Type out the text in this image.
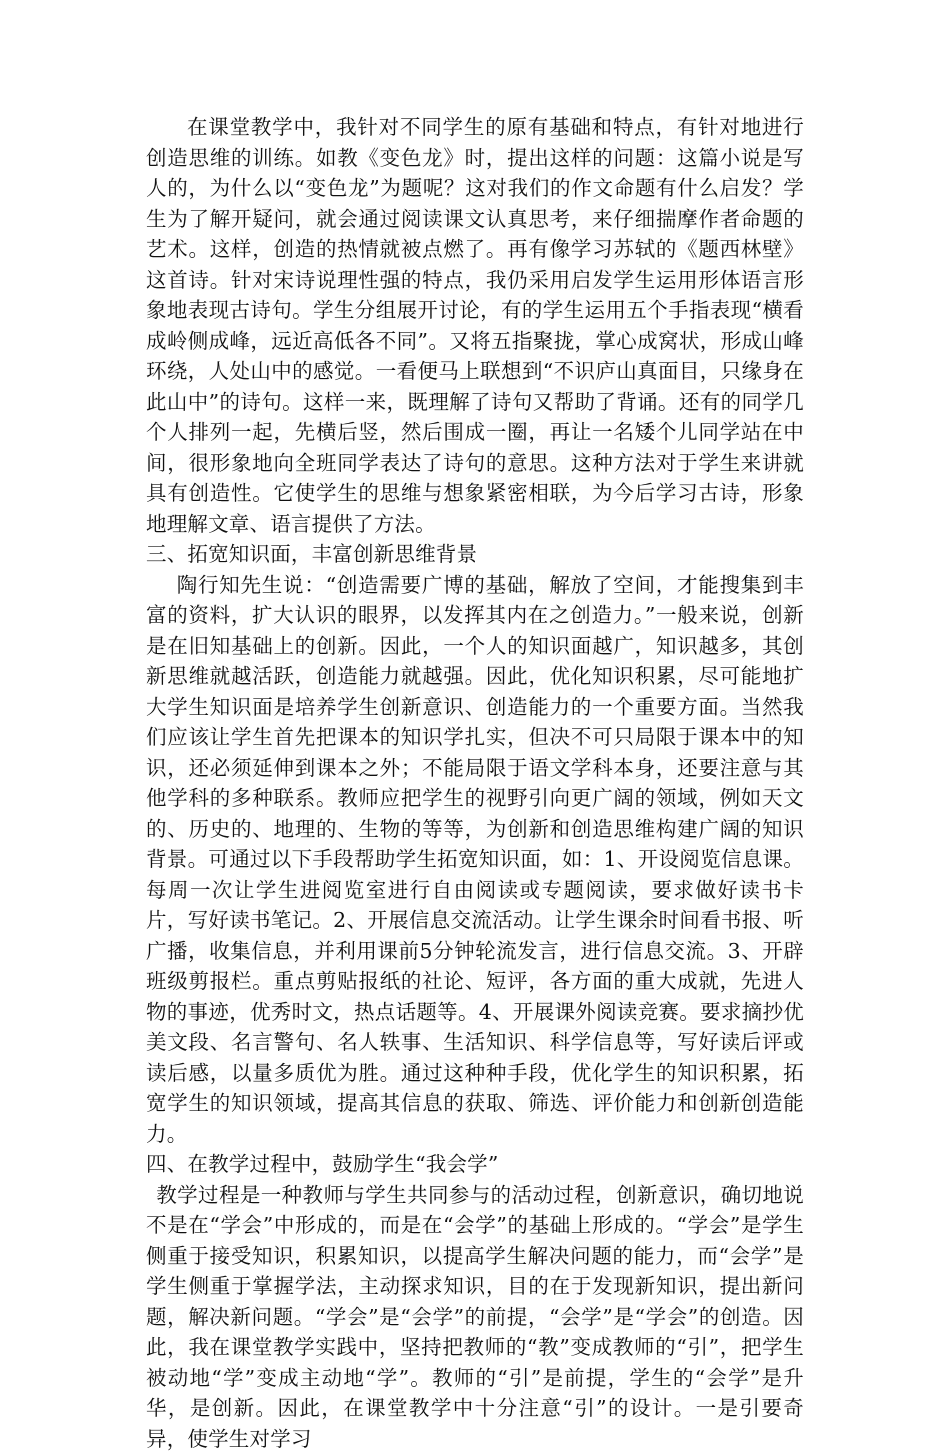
在课堂教学中，我针对不同学生的原有基础和特点，有针对地进行创造思维的训练。如教《变色龙》时，提出这样的问题：这篇小说是写人的，为什么以“变色龙”为题呢？这对我们的作文命题有什么启发？学生为了解开疑问，就会通过阅读课文认真思考，来仔细揣摩作者命题的艺术。这样，创造的热情就被点燃了。再有像学习苏轼的《题西林壁》这首诗。针对宋诗说理性强的特点，我仍采用启发学生运用形体语言形象地表现古诗句。学生分组展开讨论，有的学生运用五个手指表现“横看成岭侧成峰，远近高低各不同”。又将五指聚拢，掌心成窝状，形成山峰环绕，人处山中的感觉。一看便马上联想到“不识庐山真面目，只缘身在此山中”的诗句。这样一来，既理解了诗句又帮助了背诵。还有的同学几个人排列一起，先横后竖，然后围成一圈，再让一名矮个儿同学站在中间，很形象地向全班同学表达了诗句的意思。这种方法对于学生来讲就具有创造性。它使学生的思维与想象紧密相联，为今后学习古诗，形象地理解文章、语言提供了方法。

三、拓宽知识面，丰富创新思维背景

陶行知先生说：“创造需要广博的基础，解放了空间，才能搜集到丰富的资料，扩大认识的眼界，以发挥其内在之创造力。”一般来说，创新是在旧知基础上的创新。因此，一个人的知识面越广，知识越多，其创新思维就越活跃，创造能力就越强。因此，优化知识积累，尽可能地扩大学生知识面是培养学生创新意识、创造能力的一个重要方面。当然我们应该让学生首先把课本的知识学扎实，但决不可只局限于课本中的知识，还必须延伸到课本之外；不能局限于语文学科本身，还要注意与其他学科的多种联系。教师应把学生的视野引向更广阔的领域，例如天文的、历史的、地理的、生物的等等，为创新和创造思维构建广阔的知识背景。可通过以下手段帮助学生拓宽知识面，如：1、开设阅览信息课。每周一次让学生进阅览室进行自由阅读或专题阅读，要求做好读书卡片，写好读书笔记。2、开展信息交流活动。让学生课余时间看书报、听广播，收集信息，并利用课前5分钟轮流发言，进行信息交流。3、开辟班级剪报栏。重点剪贴报纸的社论、短评，各方面的重大成就，先进人物的事迹，优秀时文，热点话题等。4、开展课外阅读竞赛。要求摘抄优美文段、名言警句、名人轶事、生活知识、科学信息等，写好读后评或读后感，以量多质优为胜。通过这种种手段，优化学生的知识积累，拓宽学生的知识领域，提高其信息的获取、筛选、评价能力和创新创造能力。

四、在教学过程中，鼓励学生“我会学”

教学过程是一种教师与学生共同参与的活动过程，创新意识，确切地说不是在“学会”中形成的，而是在“会学”的基础上形成的。“学会”是学生侧重于接受知识，积累知识，以提高学生解决问题的能力，而“会学”是学生侧重于掌握学法，主动探求知识，目的在于发现新知识，提出新问题，解决新问题。“学会”是“会学”的前提，“会学”是“学会”的创造。因此，我在课堂教学实践中，坚持把教师的“教”变成教师的“引”，把学生被动地“学”变成主动地“学”。教师的“引”是前提，学生的“会学”是升华，是创新。因此，在课堂教学中十分注意“引”的设计。一是引要奇异，使学生对学习
